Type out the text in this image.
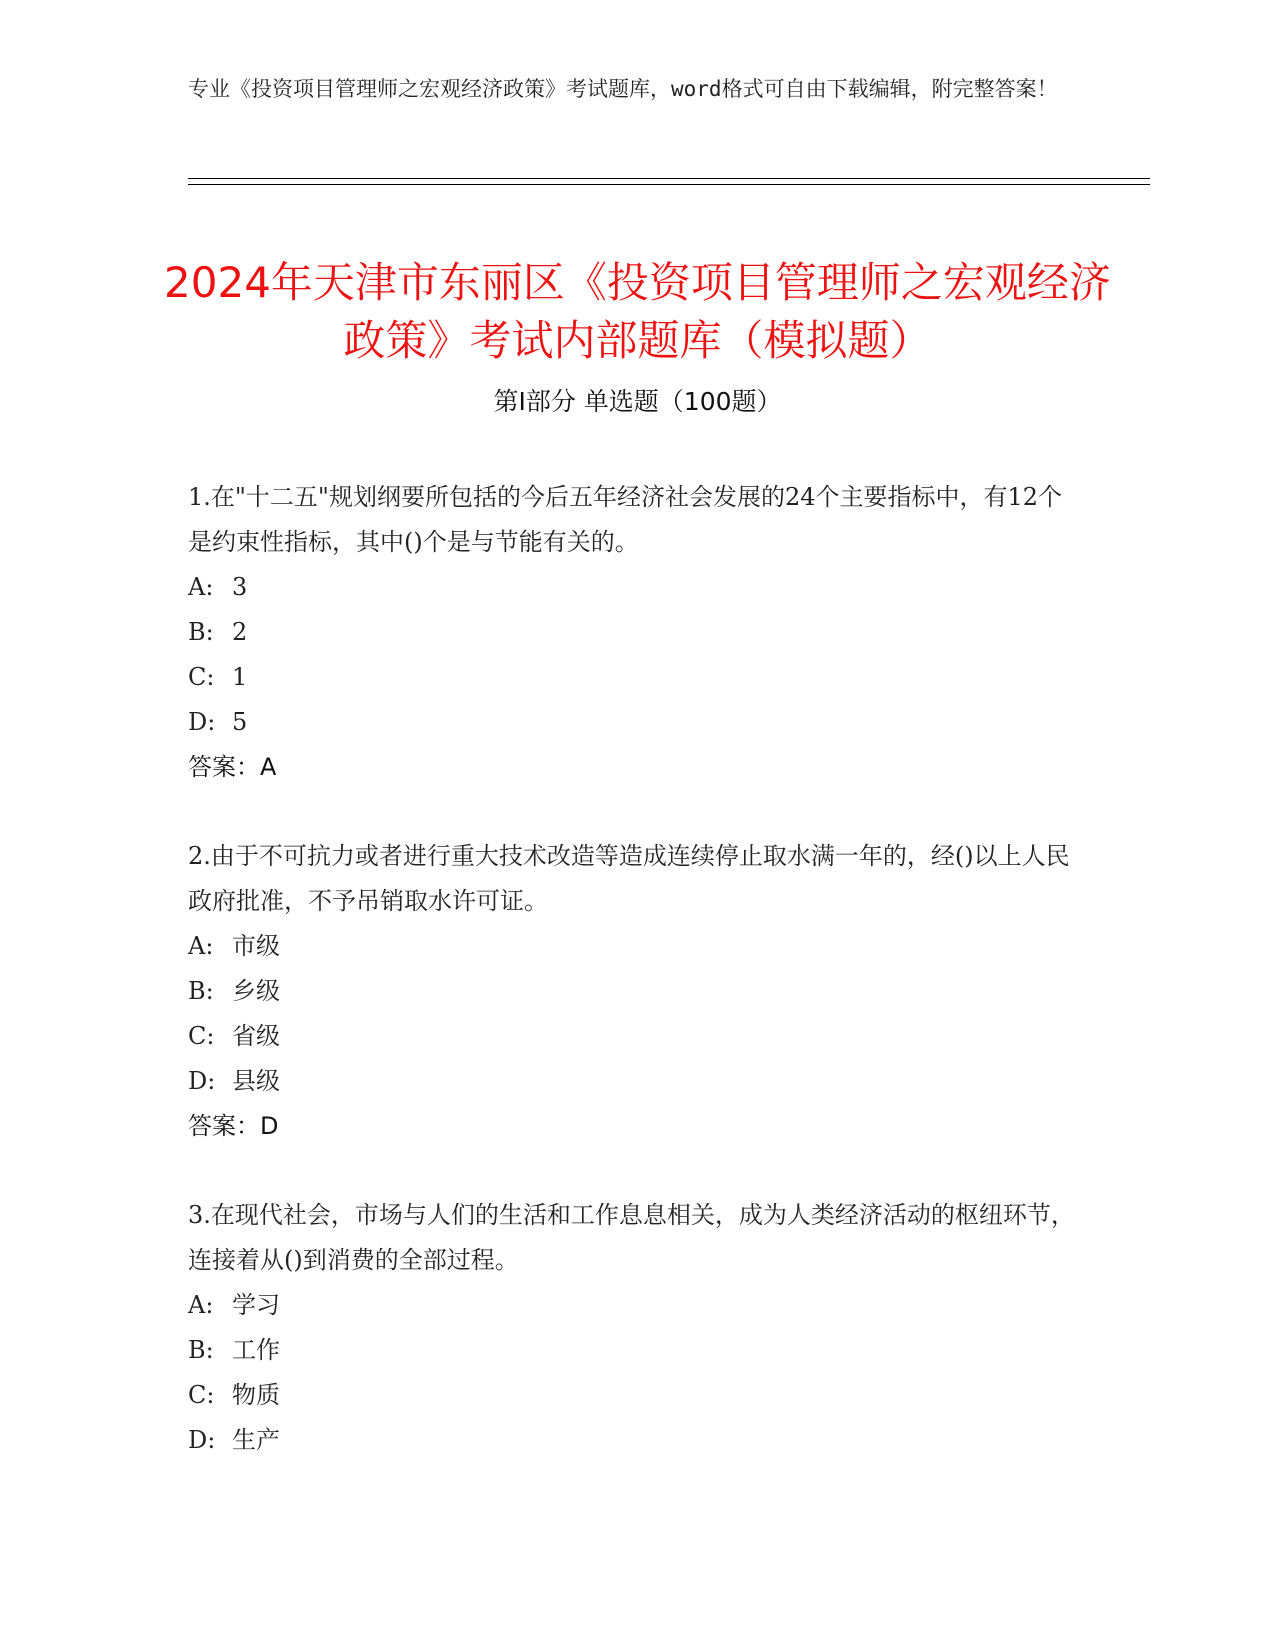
专业《投资项目管理师之宏观经济政策》考试题库，word格式可自由下载编辑，附完整答案！
2024年天津市东丽区《投资项目管理师之宏观经济政策》考试内部题库（模拟题）
第Ⅰ部分 单选题（100题）

1.在"十二五"规划纲要所包括的今后五年经济社会发展的24个主要指标中，有12个是约束性指标，其中()个是与节能有关的。

A: 3
B: 2
C: 1
D: 5
答案：A

2.由于不可抗力或者进行重大技术改造等造成连续停止取水满一年的，经()以上人民政府批准，不予吊销取水许可证。

A: 市级
B: 乡级
C: 省级
D: 县级
答案：D

3.在现代社会，市场与人们的生活和工作息息相关，成为人类经济活动的枢纽环节，连接着从()到消费的全部过程。

A: 学习
B: 工作
C: 物质
D: 生产
